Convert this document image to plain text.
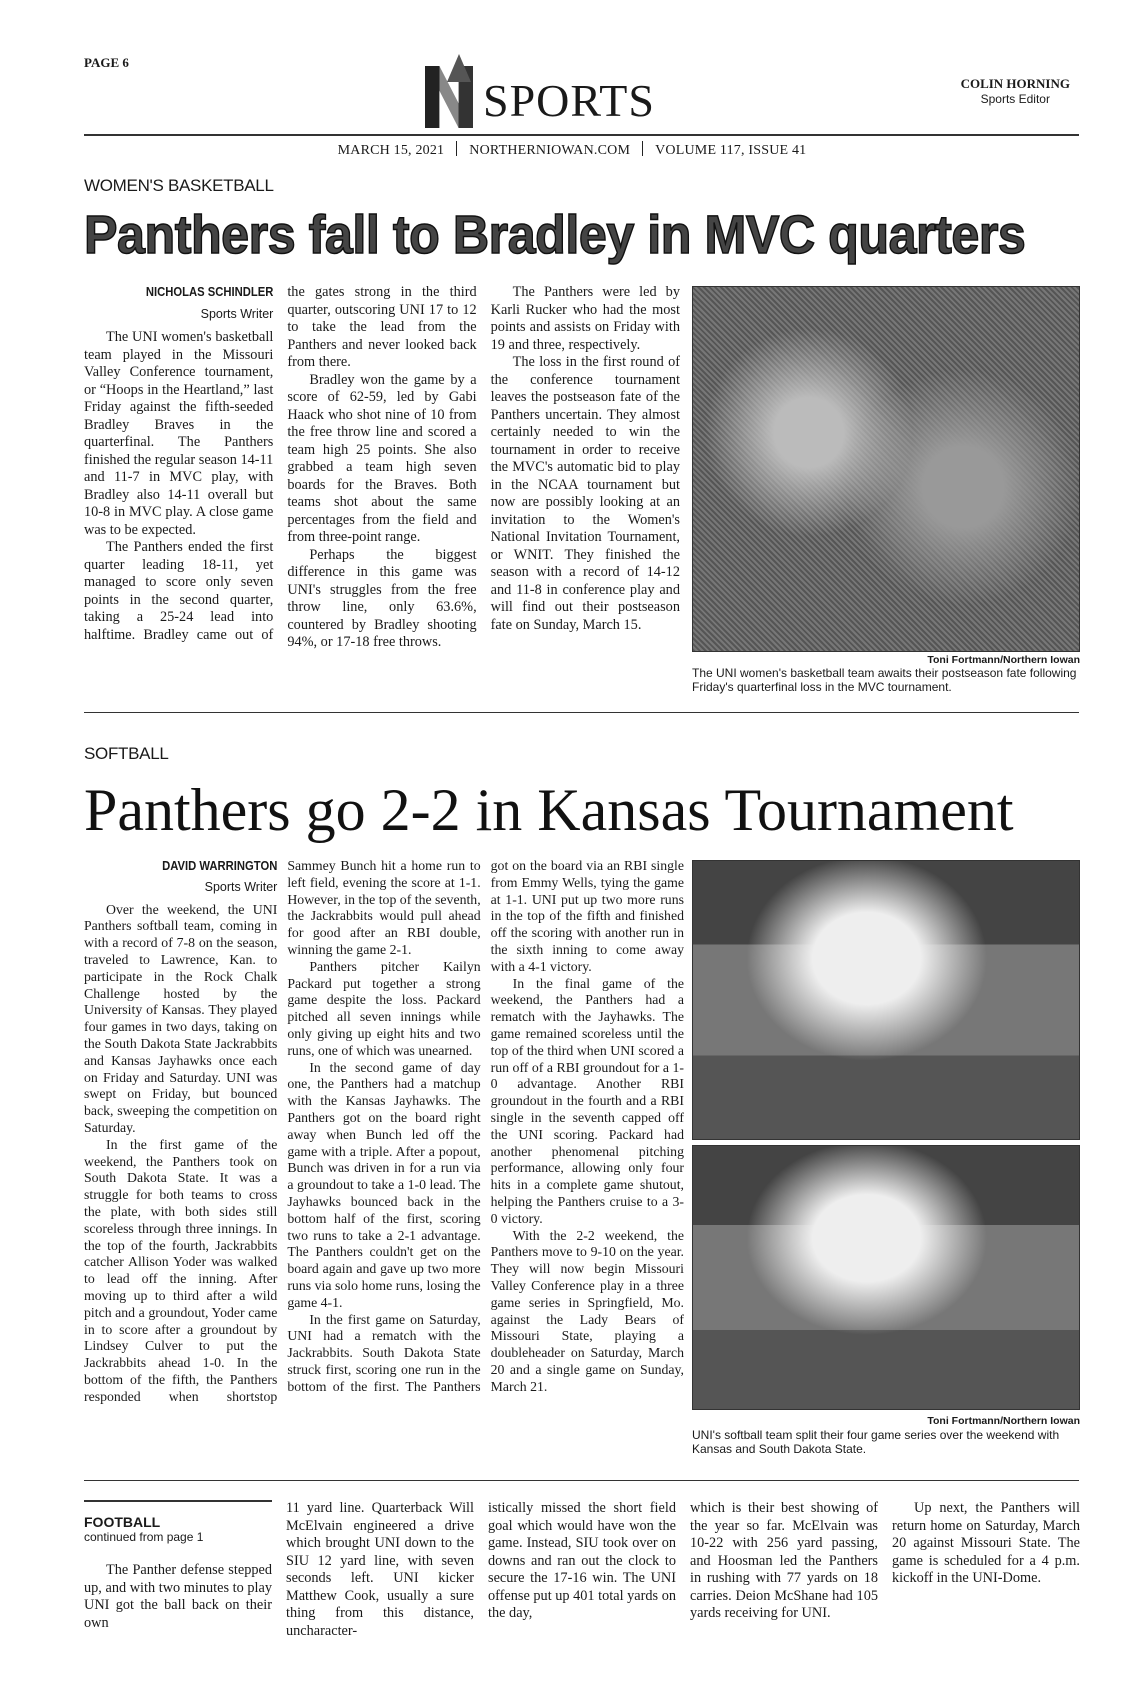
PAGE 6
SPORTS	COLIN HORNING
Sports Editor
MARCH 15, 2021 NORTHERNIOWAN.COM VOLUME 117, ISSUE 41
WOMEN'S BASKETBALL
Panthers fall to Bradley in MVC quarters
NICHOLAS SCHINDLER
Sports Writer

The UNI women's basketball team played in the Missouri Valley Conference tournament, or “Hoops in the Heartland,” last Friday against the fifth-seeded Bradley Braves in the quarterfinal. The Panthers finished the regular season 14-11 and 11-7 in MVC play, with Bradley also 14-11 overall but 10-8 in MVC play. A close game was to be expected.

The Panthers ended the first quarter leading 18-11, yet managed to score only seven points in the second quarter, taking a 25-24 lead into halftime. Bradley came out of the gates strong in the third quarter, outscoring UNI 17 to 12 to take the lead from the Panthers and never looked back from there.

Bradley won the game by a score of 62-59, led by Gabi Haack who shot nine of 10 from the free throw line and scored a team high 25 points. She also grabbed a team high seven boards for the Braves. Both teams shot about the same percentages from the field and from three-point range.

Perhaps the biggest difference in this game was UNI's struggles from the free throw line, only 63.6%, countered by Bradley shooting 94%, or 17-18 free throws.

The Panthers were led by Karli Rucker who had the most points and assists on Friday with 19 and three, respectively.

The loss in the first round of the conference tournament leaves the postseason fate of the Panthers uncertain. They almost certainly needed to win the tournament in order to receive the MVC's automatic bid to play in the NCAA tournament but now are possibly looking at an invitation to the Women's National Invitation Tournament, or WNIT. They finished the season with a record of 14-12 and 11-8 in conference play and will find out their postseason fate on Sunday, March 15.

Toni Fortmann/Northern Iowan
The UNI women's basketball team awaits their postseason fate following Friday's quarterfinal loss in the MVC tournament.
SOFTBALL
Panthers go 2-2 in Kansas Tournament
DAVID WARRINGTON
Sports Writer

Over the weekend, the UNI Panthers softball team, coming in with a record of 7-8 on the season, traveled to Lawrence, Kan. to participate in the Rock Chalk Challenge hosted by the University of Kansas. They played four games in two days, taking on the South Dakota State Jackrabbits and Kansas Jayhawks once each on Friday and Saturday. UNI was swept on Friday, but bounced back, sweeping the competition on Saturday.

In the first game of the weekend, the Panthers took on South Dakota State. It was a struggle for both teams to cross the plate, with both sides still scoreless through three innings. In the top of the fourth, Jackrabbits catcher Allison Yoder was walked to lead off the inning. After moving up to third after a wild pitch and a groundout, Yoder came in to score after a groundout by Lindsey Culver to put the Jackrabbits ahead 1-0. In the bottom of the fifth, the Panthers responded when shortstop Sammey Bunch hit a home run to left field, evening the score at 1-1. However, in the top of the seventh, the Jackrabbits would pull ahead for good after an RBI double, winning the game 2-1.

Panthers pitcher Kailyn Packard put together a strong game despite the loss. Packard pitched all seven innings while only giving up eight hits and two runs, one of which was unearned.

In the second game of day one, the Panthers had a matchup with the Kansas Jayhawks. The Panthers got on the board right away when Bunch led off the game with a triple. After a popout, Bunch was driven in for a run via a groundout to take a 1-0 lead. The Jayhawks bounced back in the bottom half of the first, scoring two runs to take a 2-1 advantage. The Panthers couldn't get on the board again and gave up two more runs via solo home runs, losing the game 4-1.

In the first game on Saturday, UNI had a rematch with the Jackrabbits. South Dakota State struck first, scoring one run in the bottom of the first. The Panthers got on the board via an RBI single from Emmy Wells, tying the game at 1-1. UNI put up two more runs in the top of the fifth and finished off the scoring with another run in the sixth inning to come away with a 4-1 victory.

In the final game of the weekend, the Panthers had a rematch with the Jayhawks. The game remained scoreless until the top of the third when UNI scored a run off of a RBI groundout for a 1-0 advantage. Another RBI groundout in the fourth and a RBI single in the seventh capped off the UNI scoring. Packard had another phenomenal pitching performance, allowing only four hits in a complete game shutout, helping the Panthers cruise to a 3-0 victory.

With the 2-2 weekend, the Panthers move to 9-10 on the year. They will now begin Missouri Valley Conference play in a three game series in Springfield, Mo. against the Lady Bears of Missouri State, playing a doubleheader on Saturday, March 20 and a single game on Sunday, March 21.

Toni Fortmann/Northern Iowan
UNI's softball team split their four game series over the weekend with Kansas and South Dakota State.
FOOTBALL
continued from page 1
The Panther defense stepped up, and with two minutes to play UNI got the ball back on their own
11 yard line. Quarterback Will McElvain engineered a drive which brought UNI down to the SIU 12 yard line, with seven seconds left. UNI kicker Matthew Cook, usually a sure thing from this distance, uncharacter-
istically missed the short field goal which would have won the game. Instead, SIU took over on downs and ran out the clock to secure the 17-16 win. The UNI offense put up 401 total yards on the day,
which is their best showing of the year so far. McElvain was 10-22 with 256 yard passing, and Hoosman led the Panthers in rushing with 77 yards on 18 carries. Deion McShane had 105 yards receiving for UNI.
Up next, the Panthers will return home on Saturday, March 20 against Missouri State. The game is scheduled for a 4 p.m. kickoff in the UNI-Dome.
